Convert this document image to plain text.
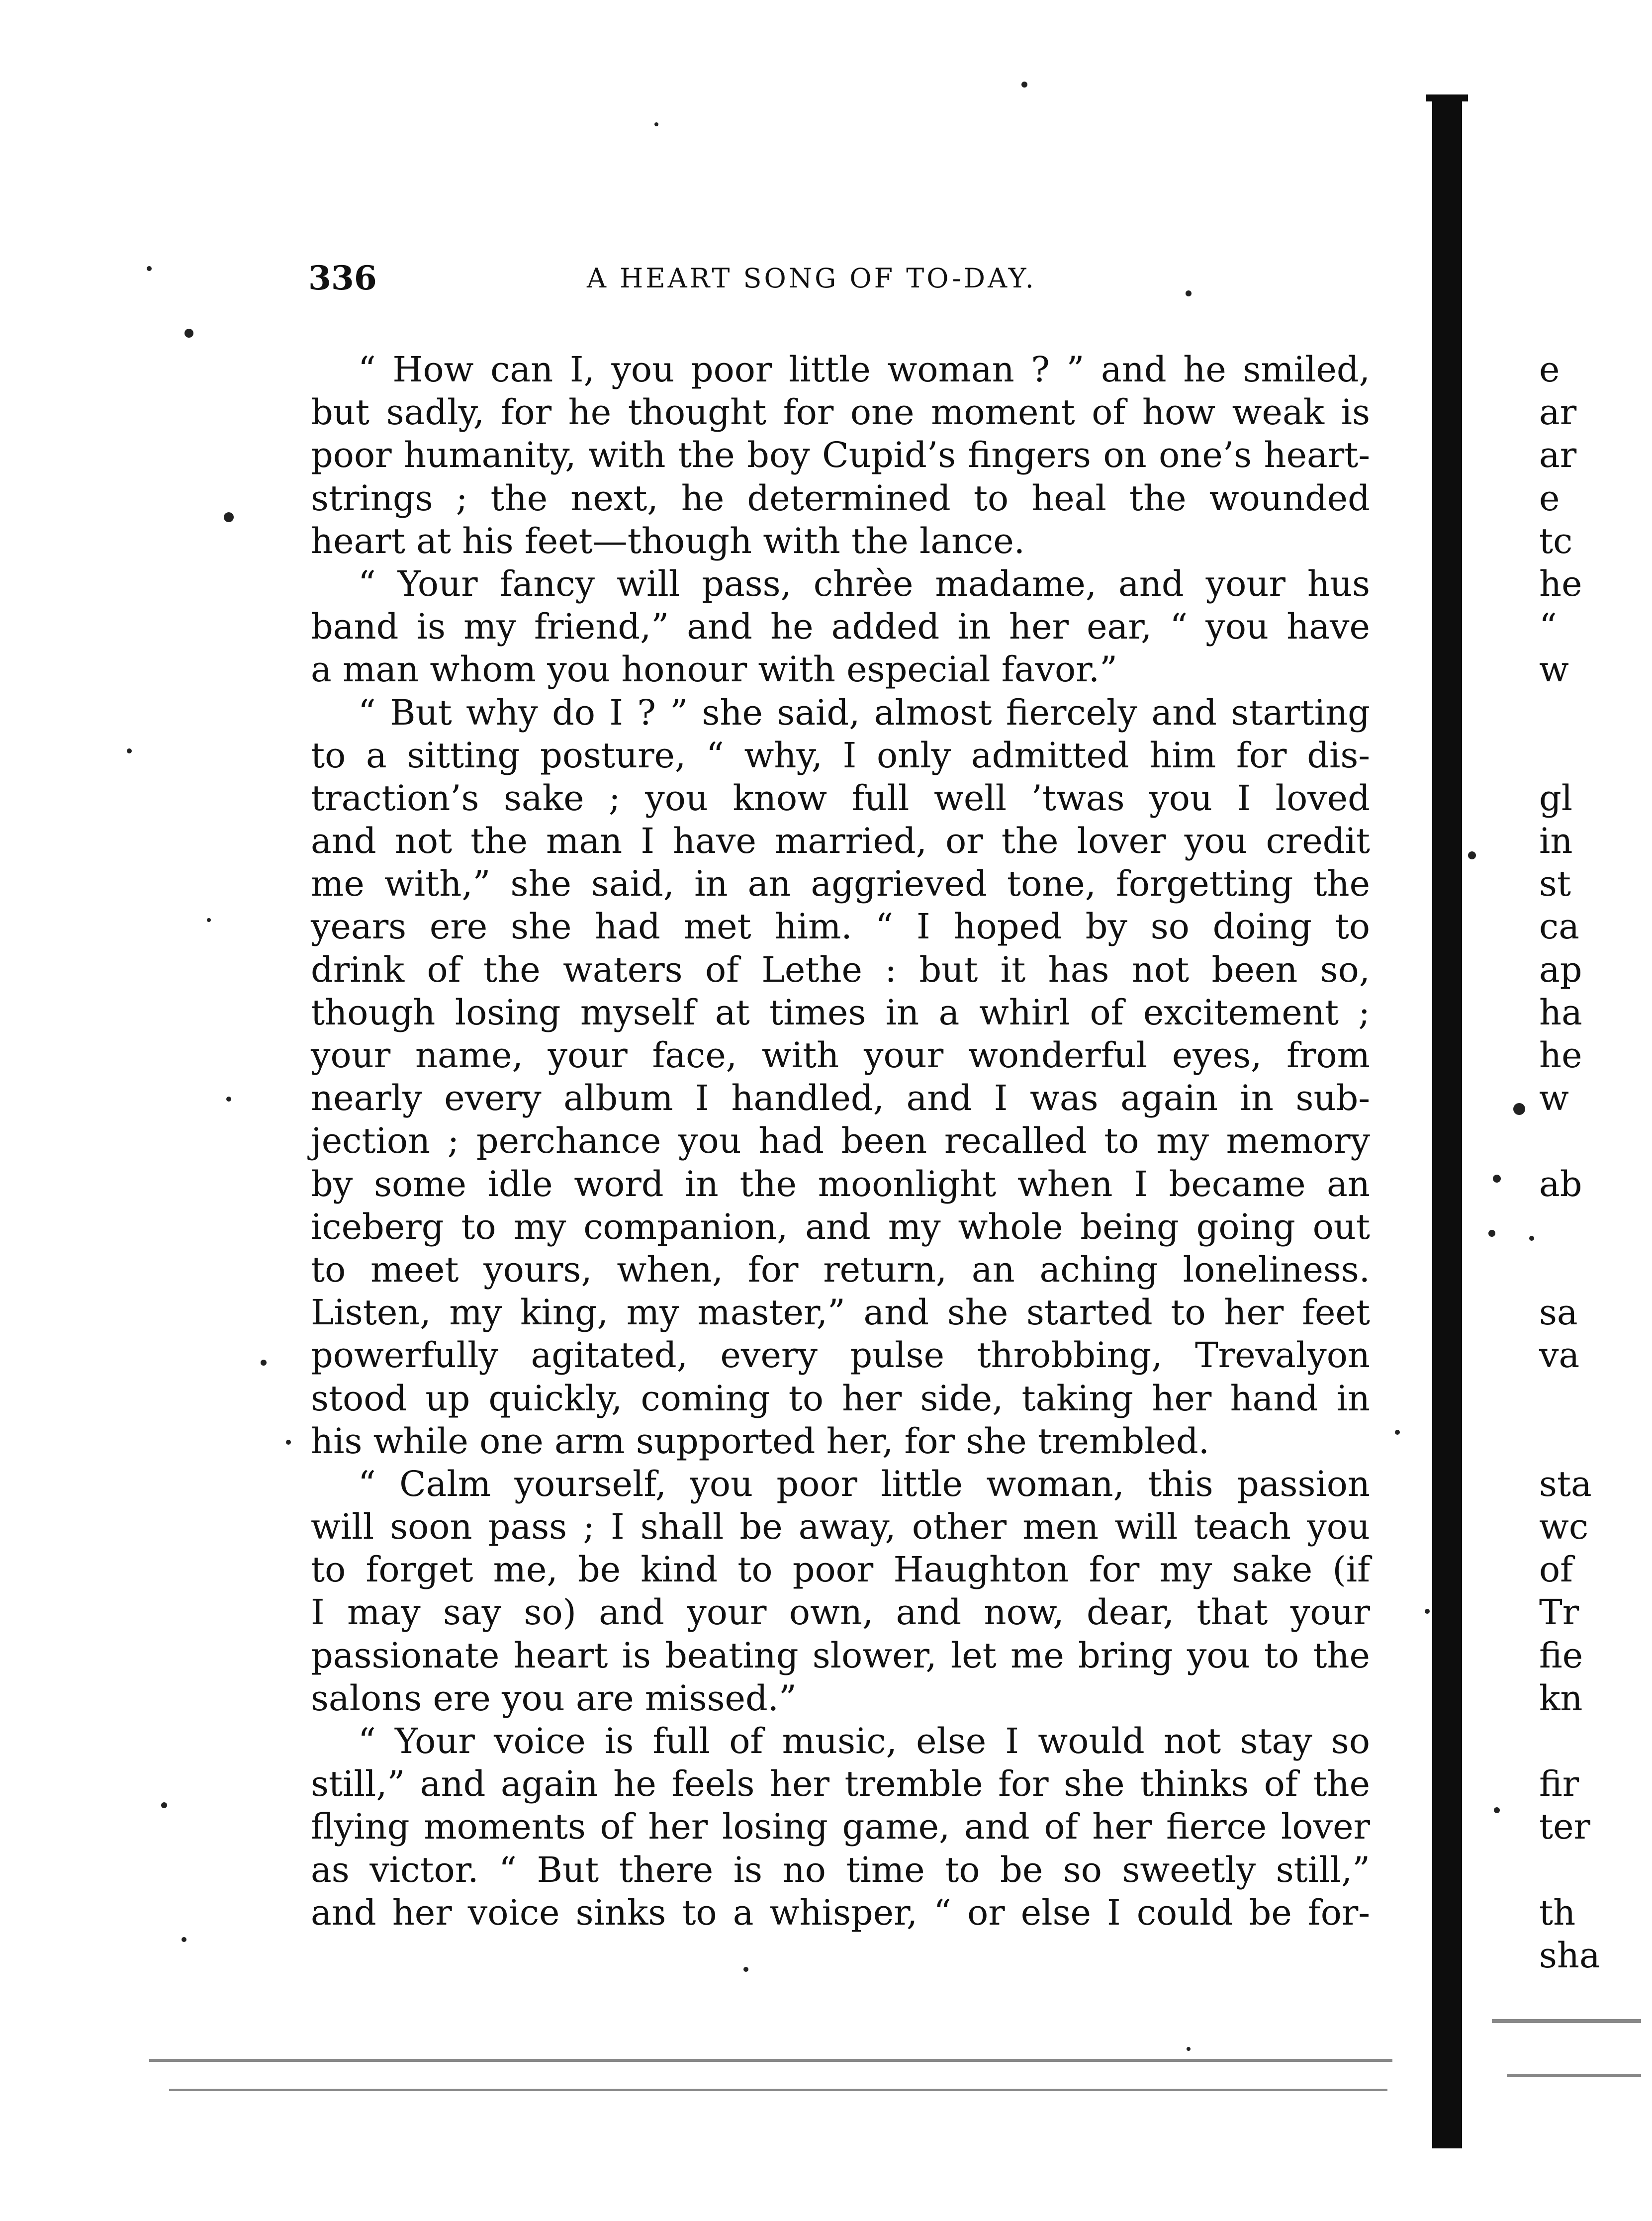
336	A HEART SONG OF TO-DAY.
“ How can I, you poor little woman ? ” and he smiled,
but sadly, for he thought for one moment of how weak is
poor humanity, with the boy Cupid’s fingers on one’s heart-
strings ; the next, he determined to heal the wounded
heart at his feet—though with the lance.
“ Your fancy will pass, chrèe madame, and your hus
band is my friend,” and he added in her ear, “ you have
a man whom you honour with especial favor.”
“ But why do I ? ” she said, almost fiercely and starting
to a sitting posture, “ why, I only admitted him for dis-
traction’s sake ; you know full well ’twas you I loved
and not the man I have married, or the lover you credit
me with,” she said, in an aggrieved tone, forgetting the
years ere she had met him. “ I hoped by so doing to
drink of the waters of Lethe : but it has not been so,
though losing myself at times in a whirl of excitement ;
your name, your face, with your wonderful eyes, from
nearly every album I handled, and I was again in sub-
jection ; perchance you had been recalled to my memory
by some idle word in the moonlight when I became an
iceberg to my companion, and my whole being going out
to meet yours, when, for return, an aching loneliness.
Listen, my king, my master,” and she started to her feet
powerfully agitated, every pulse throbbing, Trevalyon
stood up quickly, coming to her side, taking her hand in
his while one arm supported her, for she trembled.
“ Calm yourself, you poor little woman, this passion
will soon pass ; I shall be away, other men will teach you
to forget me, be kind to poor Haughton for my sake (if
I may say so) and your own, and now, dear, that your
passionate heart is beating slower, let me bring you to the
salons ere you are missed.”
“ Your voice is full of music, else I would not stay so
still,” and again he feels her tremble for she thinks of the
flying moments of her losing game, and of her fierce lover
as victor. “ But there is no time to be so sweetly still,”
and her voice sinks to a whisper, “ or else I could be for-
e
ar
ar
e
tc
he
“
w
gl
in
st
ca
ap
ha
he
w
ab
sa
va
sta
wc
of
Tr
fie
kn
fir
ter
th
sha
